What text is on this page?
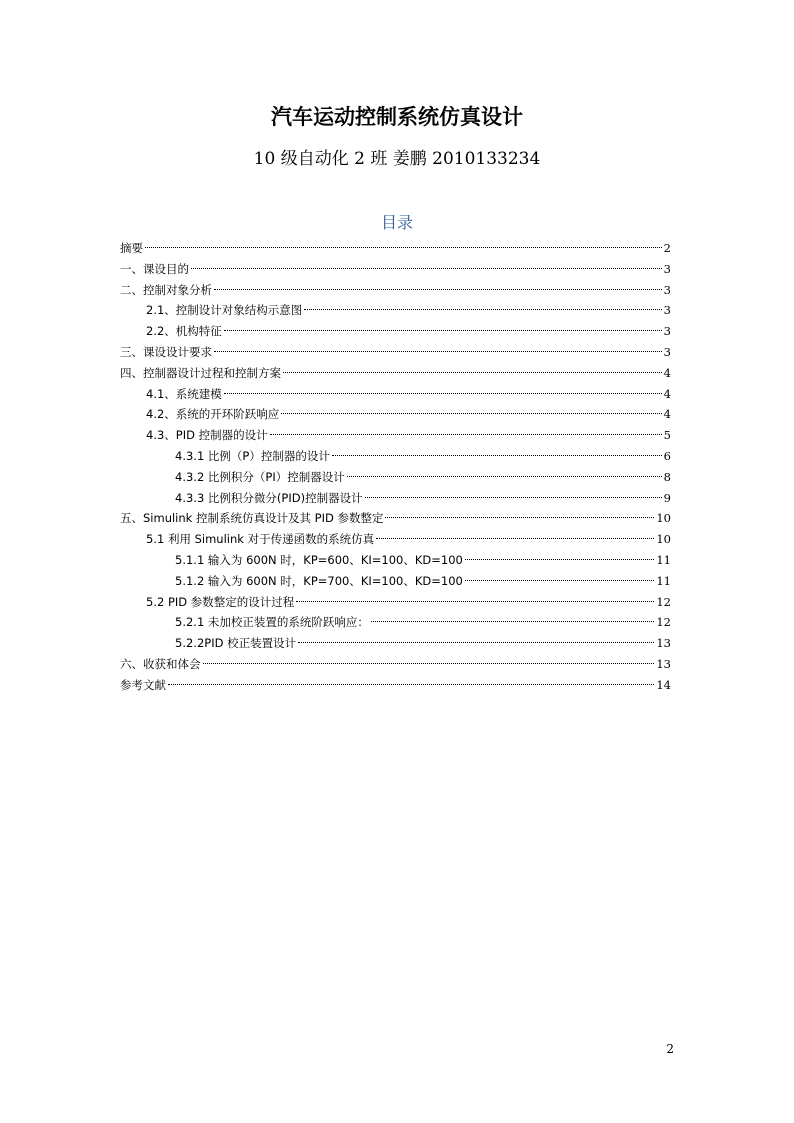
汽车运动控制系统仿真设计
10 级自动化 2 班 姜鹏 2010133234
目录
摘要	2
一、课设目的	3
二、控制对象分析	3
2.1、控制设计对象结构示意图	3
2.2、机构特征	3
三、课设设计要求	3
四、控制器设计过程和控制方案	4
4.1、系统建模	4
4.2、系统的开环阶跃响应	4
4.3、PID 控制器的设计	5
4.3.1 比例（P）控制器的设计	6
4.3.2 比例积分（PI）控制器设计	8
4.3.3 比例积分微分(PID)控制器设计	9
五、Simulink 控制系统仿真设计及其 PID 参数整定	10
5.1 利用 Simulink 对于传递函数的系统仿真	10
5.1.1 输入为 600N 时，KP=600、KI=100、KD=100	11
5.1.2 输入为 600N 时，KP=700、KI=100、KD=100	11
5.2 PID 参数整定的设计过程	12
5.2.1 未加校正装置的系统阶跃响应：	12
5.2.2PID 校正装置设计	13
六、收获和体会	13
参考文献	14
2
